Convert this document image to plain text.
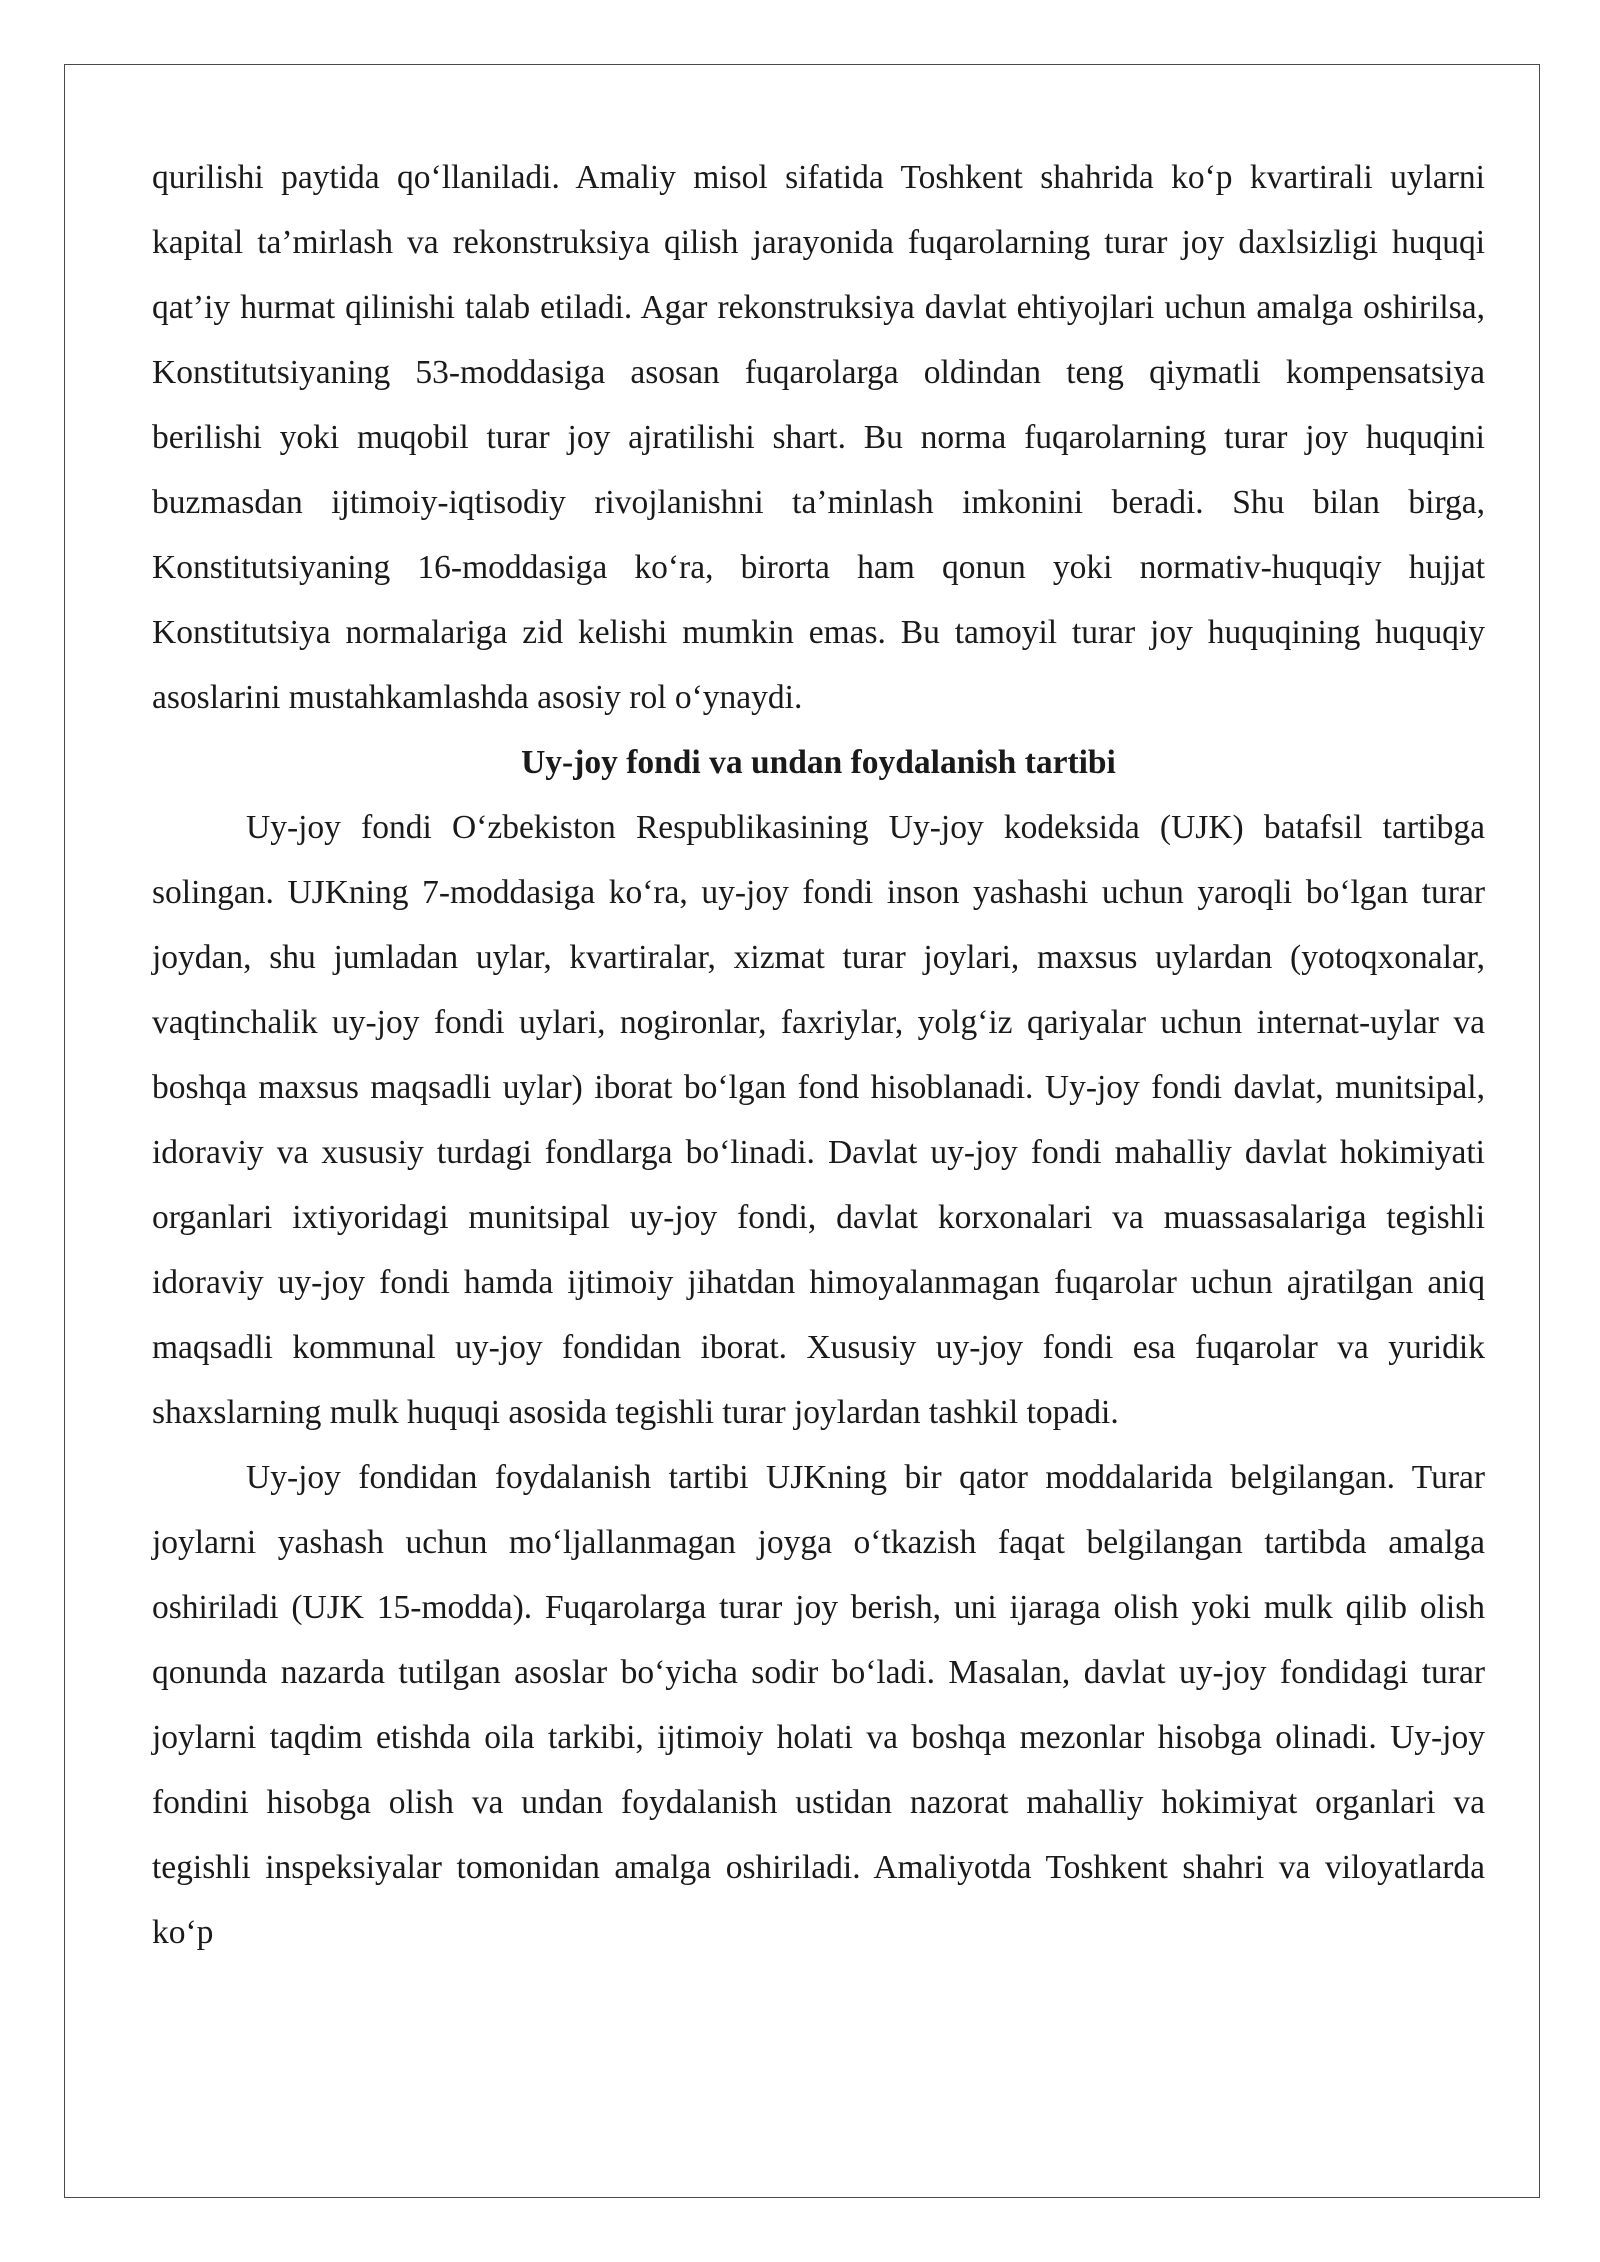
qurilishi paytida qo‘llaniladi. Amaliy misol sifatida Toshkent shahrida ko‘p kvartirali uylarni kapital ta’mirlash va rekonstruksiya qilish jarayonida fuqarolarning turar joy daxlsizligi huquqi qat’iy hurmat qilinishi talab etiladi. Agar rekonstruksiya davlat ehtiyojlari uchun amalga oshirilsa, Konstitutsiyaning 53-moddasiga asosan fuqarolarga oldindan teng qiymatli kompensatsiya berilishi yoki muqobil turar joy ajratilishi shart. Bu norma fuqarolarning turar joy huquqini buzmasdan ijtimoiy-iqtisodiy rivojlanishni ta’minlash imkonini beradi. Shu bilan birga, Konstitutsiyaning 16-moddasiga ko‘ra, birorta ham qonun yoki normativ-huquqiy hujjat Konstitutsiya normalariga zid kelishi mumkin emas. Bu tamoyil turar joy huquqining huquqiy asoslarini mustahkamlashda asosiy rol o‘ynaydi.

Uy-joy fondi va undan foydalanish tartibi

Uy-joy fondi O‘zbekiston Respublikasining Uy-joy kodeksida (UJK) batafsil tartibga solingan. UJKning 7-moddasiga ko‘ra, uy-joy fondi inson yashashi uchun yaroqli bo‘lgan turar joydan, shu jumladan uylar, kvartiralar, xizmat turar joylari, maxsus uylardan (yotoqxonalar, vaqtinchalik uy-joy fondi uylari, nogironlar, faxriylar, yolg‘iz qariyalar uchun internat-uylar va boshqa maxsus maqsadli uylar) iborat bo‘lgan fond hisoblanadi. Uy-joy fondi davlat, munitsipal, idoraviy va xususiy turdagi fondlarga bo‘linadi. Davlat uy-joy fondi mahalliy davlat hokimiyati organlari ixtiyoridagi munitsipal uy-joy fondi, davlat korxonalari va muassasalariga tegishli idoraviy uy-joy fondi hamda ijtimoiy jihatdan himoyalanmagan fuqarolar uchun ajratilgan aniq maqsadli kommunal uy-joy fondidan iborat. Xususiy uy-joy fondi esa fuqarolar va yuridik shaxslarning mulk huquqi asosida tegishli turar joylardan tashkil topadi.

Uy-joy fondidan foydalanish tartibi UJKning bir qator moddalarida belgilangan. Turar joylarni yashash uchun mo‘ljallanmagan joyga o‘tkazish faqat belgilangan tartibda amalga oshiriladi (UJK 15-modda). Fuqarolarga turar joy berish, uni ijaraga olish yoki mulk qilib olish qonunda nazarda tutilgan asoslar bo‘yicha sodir bo‘ladi. Masalan, davlat uy-joy fondidagi turar joylarni taqdim etishda oila tarkibi, ijtimoiy holati va boshqa mezonlar hisobga olinadi. Uy-joy fondini hisobga olish va undan foydalanish ustidan nazorat mahalliy hokimiyat organlari va tegishli inspeksiyalar tomonidan amalga oshiriladi. Amaliyotda Toshkent shahri va viloyatlarda ko‘p
